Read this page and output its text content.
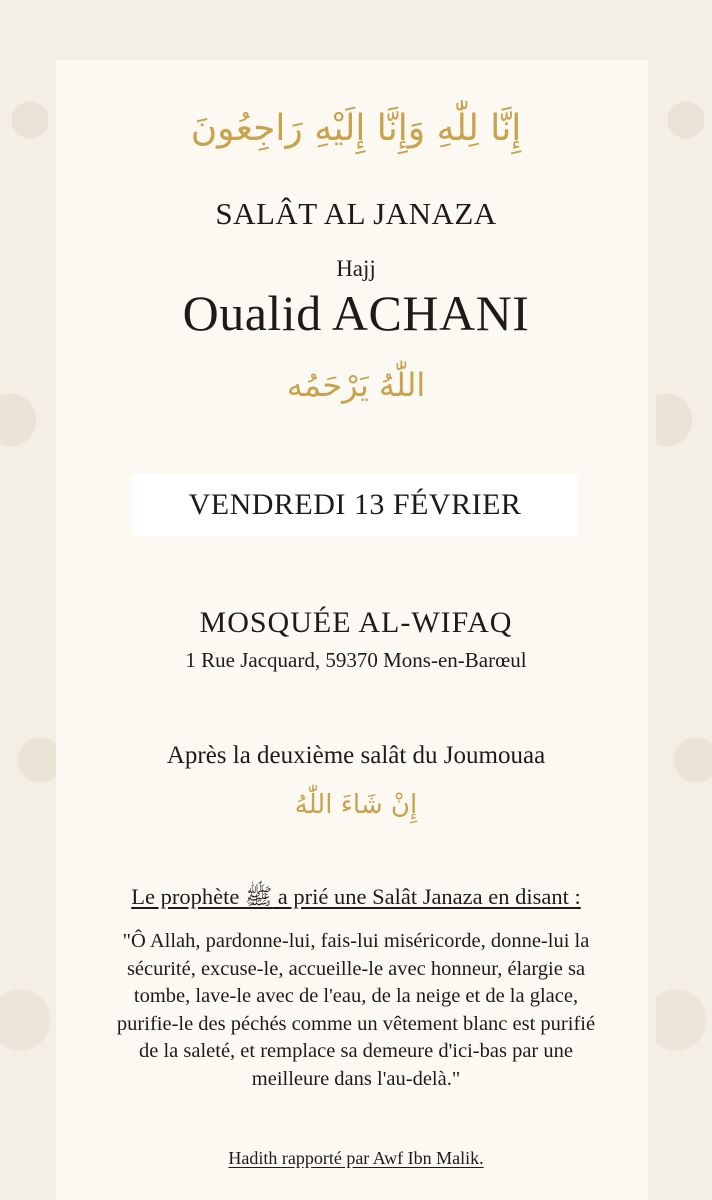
إِنَّا لِلّٰهِ وَإِنَّا إِلَيْهِ رَاجِعُونَ
SALÂT AL JANAZA
Hajj
Oualid ACHANI
اللّٰهُ يَرْحَمُه
VENDREDI 13 FÉVRIER
MOSQUÉE AL-WIFAQ
1 Rue Jacquard, 59370 Mons-en-Barœul
Après la deuxième salât du Joumouaa
إِنْ شَاءَ اللّٰهُ
Le prophète ﷺ a prié une Salât Janaza en disant :
"Ô Allah, pardonne-lui, fais-lui miséricorde, donne-lui la sécurité, excuse-le, accueille-le avec honneur, élargie sa tombe, lave-le avec de l'eau, de la neige et de la glace, purifie-le des péchés comme un vêtement blanc est purifié de la saleté, et remplace sa demeure d'ici-bas par une meilleure dans l'au-delà."
Hadith rapporté par Awf Ibn Malik.
